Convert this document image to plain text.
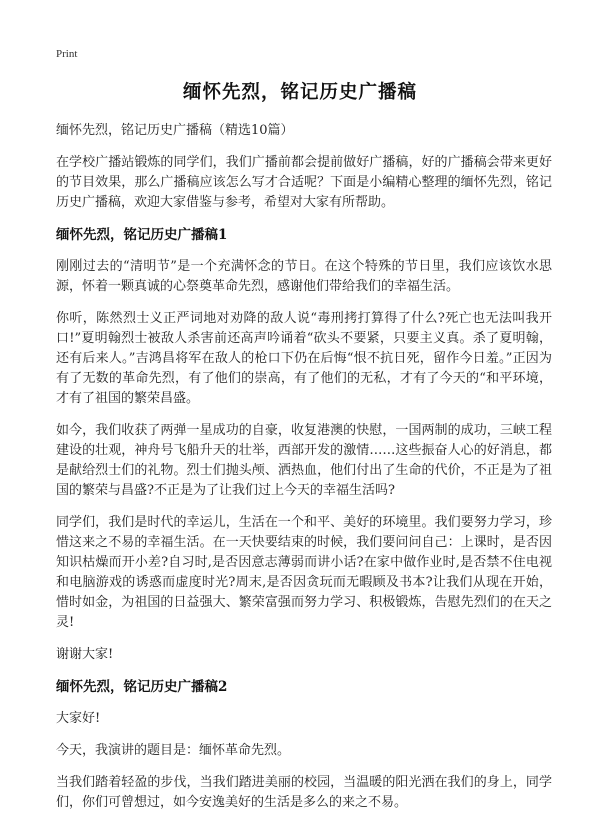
Print
缅怀先烈，铭记历史广播稿

缅怀先烈，铭记历史广播稿（精选10篇）

在学校广播站锻炼的同学们，我们广播前都会提前做好广播稿，好的广播稿会带来更好的节目效果，那么广播稿应该怎么写才合适呢？下面是小编精心整理的缅怀先烈，铭记历史广播稿，欢迎大家借鉴与参考，希望对大家有所帮助。

缅怀先烈，铭记历史广播稿1

刚刚过去的“清明节”是一个充满怀念的节日。在这个特殊的节日里，我们应该饮水思源，怀着一颗真诚的心祭奠革命先烈，感谢他们带给我们的幸福生活。

你听，陈然烈士义正严词地对劝降的敌人说“毒刑拷打算得了什么?死亡也无法叫我开口!”夏明翰烈士被敌人杀害前还高声吟诵着“砍头不要紧，只要主义真。杀了夏明翰，还有后来人。”吉鸿昌将军在敌人的枪口下仍在后悔“恨不抗日死，留作今日羞。”正因为有了无数的革命先烈，有了他们的崇高，有了他们的无私，才有了今天的“和平环境，才有了祖国的繁荣昌盛。

如今，我们收获了两弹一星成功的自豪，收复港澳的快慰，一国两制的成功，三峡工程建设的壮观，神舟号飞船升天的壮举，西部开发的激情……这些振奋人心的好消息，都是献给烈士们的礼物。烈士们抛头颅、洒热血，他们付出了生命的代价，不正是为了祖国的繁荣与昌盛?不正是为了让我们过上今天的幸福生活吗?

同学们，我们是时代的幸运儿，生活在一个和平、美好的环境里。我们要努力学习，珍惜这来之不易的幸福生活。在一天快要结束的时候，我们要问问自己：上课时，是否因知识枯燥而开小差?自习时,是否因意志薄弱而讲小话?在家中做作业时,是否禁不住电视和电脑游戏的诱惑而虚度时光?周末,是否因贪玩而无暇顾及书本?让我们从现在开始，惜时如金，为祖国的日益强大、繁荣富强而努力学习、积极锻炼，告慰先烈们的在天之灵!

谢谢大家!

缅怀先烈，铭记历史广播稿2

大家好!

今天，我演讲的题目是：缅怀革命先烈。

当我们踏着轻盈的步伐，当我们踏进美丽的校园，当温暖的阳光洒在我们的身上，同学们，你们可曾想过，如今安逸美好的生活是多么的来之不易。
